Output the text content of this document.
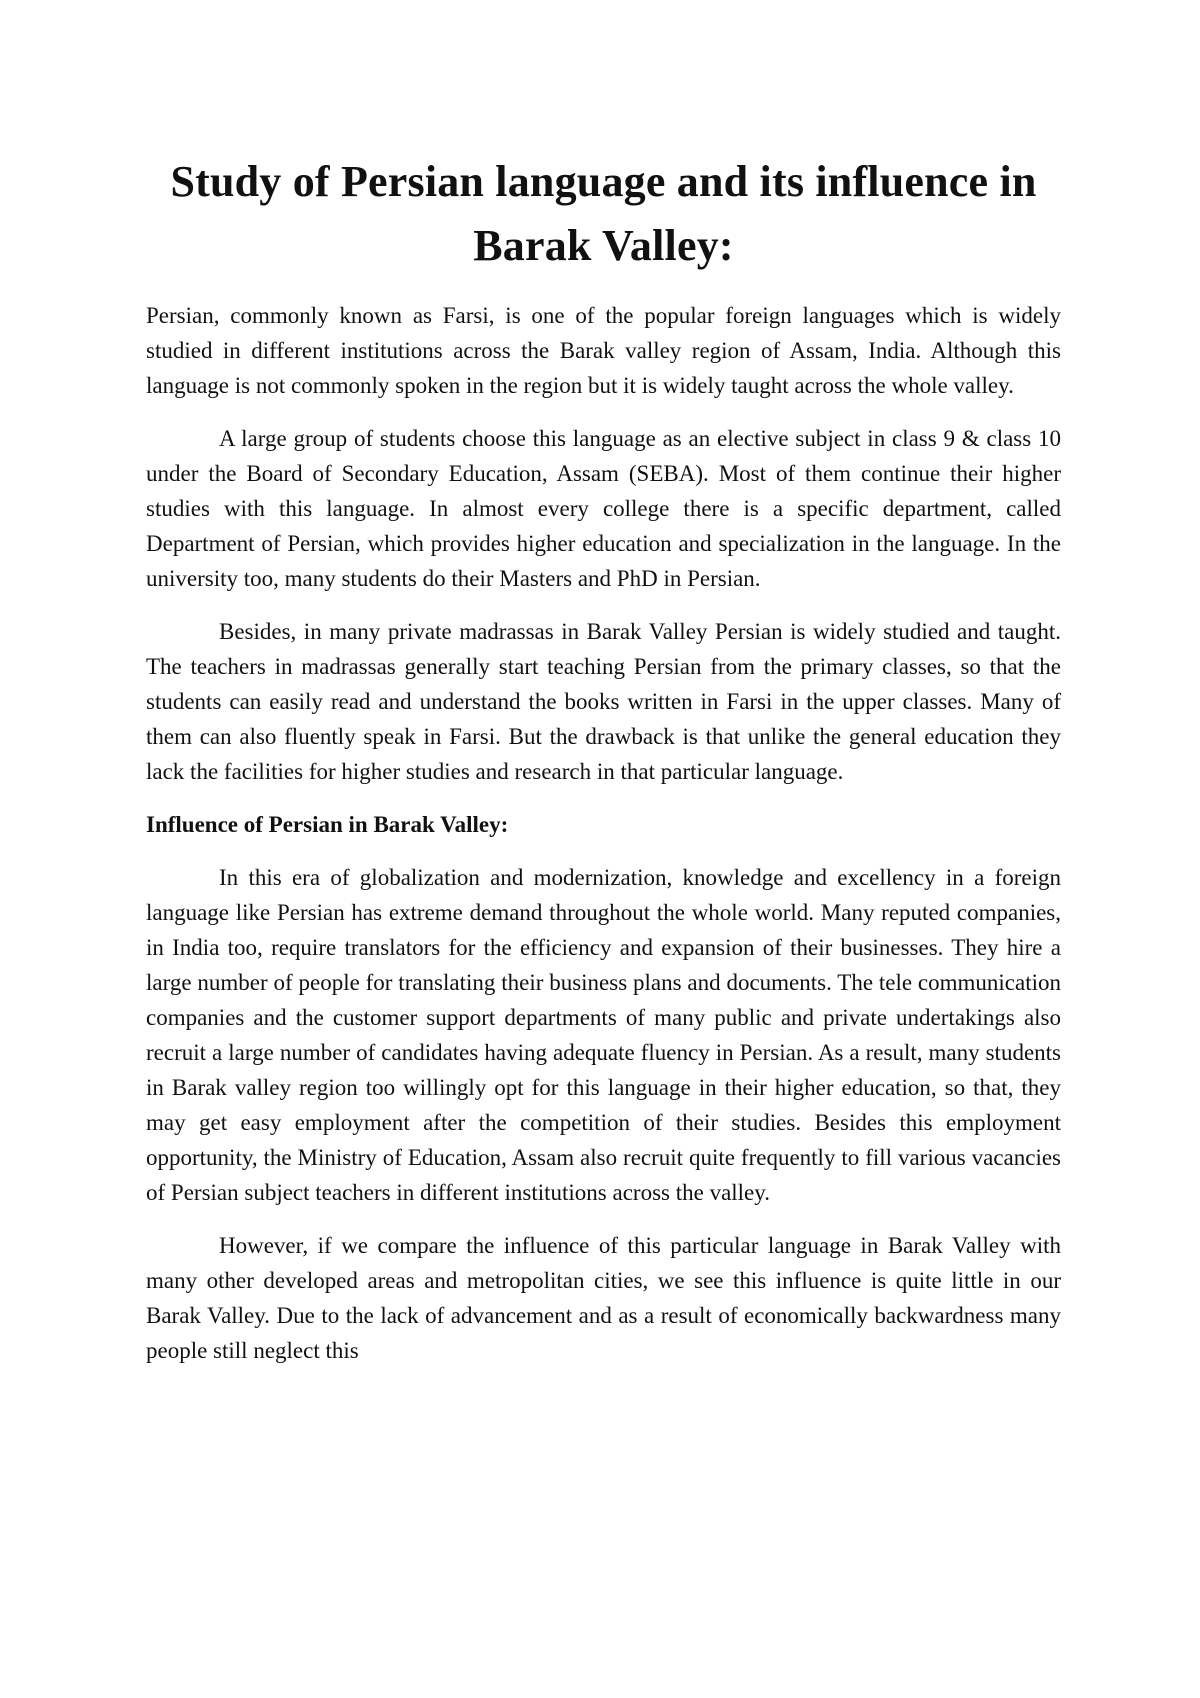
Study of Persian language and its influence in Barak Valley:

Persian, commonly known as Farsi, is one of the popular foreign languages which is widely studied in different institutions across the Barak valley region of Assam, India. Although this language is not commonly spoken in the region but it is widely taught across the whole valley.

A large group of students choose this language as an elective subject in class 9 & class 10 under the Board of Secondary Education, Assam (SEBA). Most of them continue their higher studies with this language. In almost every college there is a specific department, called Department of Persian, which provides higher education and specialization in the language. In the university too, many students do their Masters and PhD in Persian.

Besides, in many private madrassas in Barak Valley Persian is widely studied and taught. The teachers in madrassas generally start teaching Persian from the primary classes, so that the students can easily read and understand the books written in Farsi in the upper classes. Many of them can also fluently speak in Farsi. But the drawback is that unlike the general education they lack the facilities for higher studies and research in that particular language.

Influence of Persian in Barak Valley:

In this era of globalization and modernization, knowledge and excellency in a foreign language like Persian has extreme demand throughout the whole world. Many reputed companies, in India too, require translators for the efficiency and expansion of their businesses. They hire a large number of people for translating their business plans and documents. The tele communication companies and the customer support departments of many public and private undertakings also recruit a large number of candidates having adequate fluency in Persian. As a result, many students in Barak valley region too willingly opt for this language in their higher education, so that, they may get easy employment after the competition of their studies. Besides this employment opportunity, the Ministry of Education, Assam also recruit quite frequently to fill various vacancies of Persian subject teachers in different institutions across the valley.

However, if we compare the influence of this particular language in Barak Valley with many other developed areas and metropolitan cities, we see this influence is quite little in our Barak Valley. Due to the lack of advancement and as a result of economically backwardness many people still neglect this
